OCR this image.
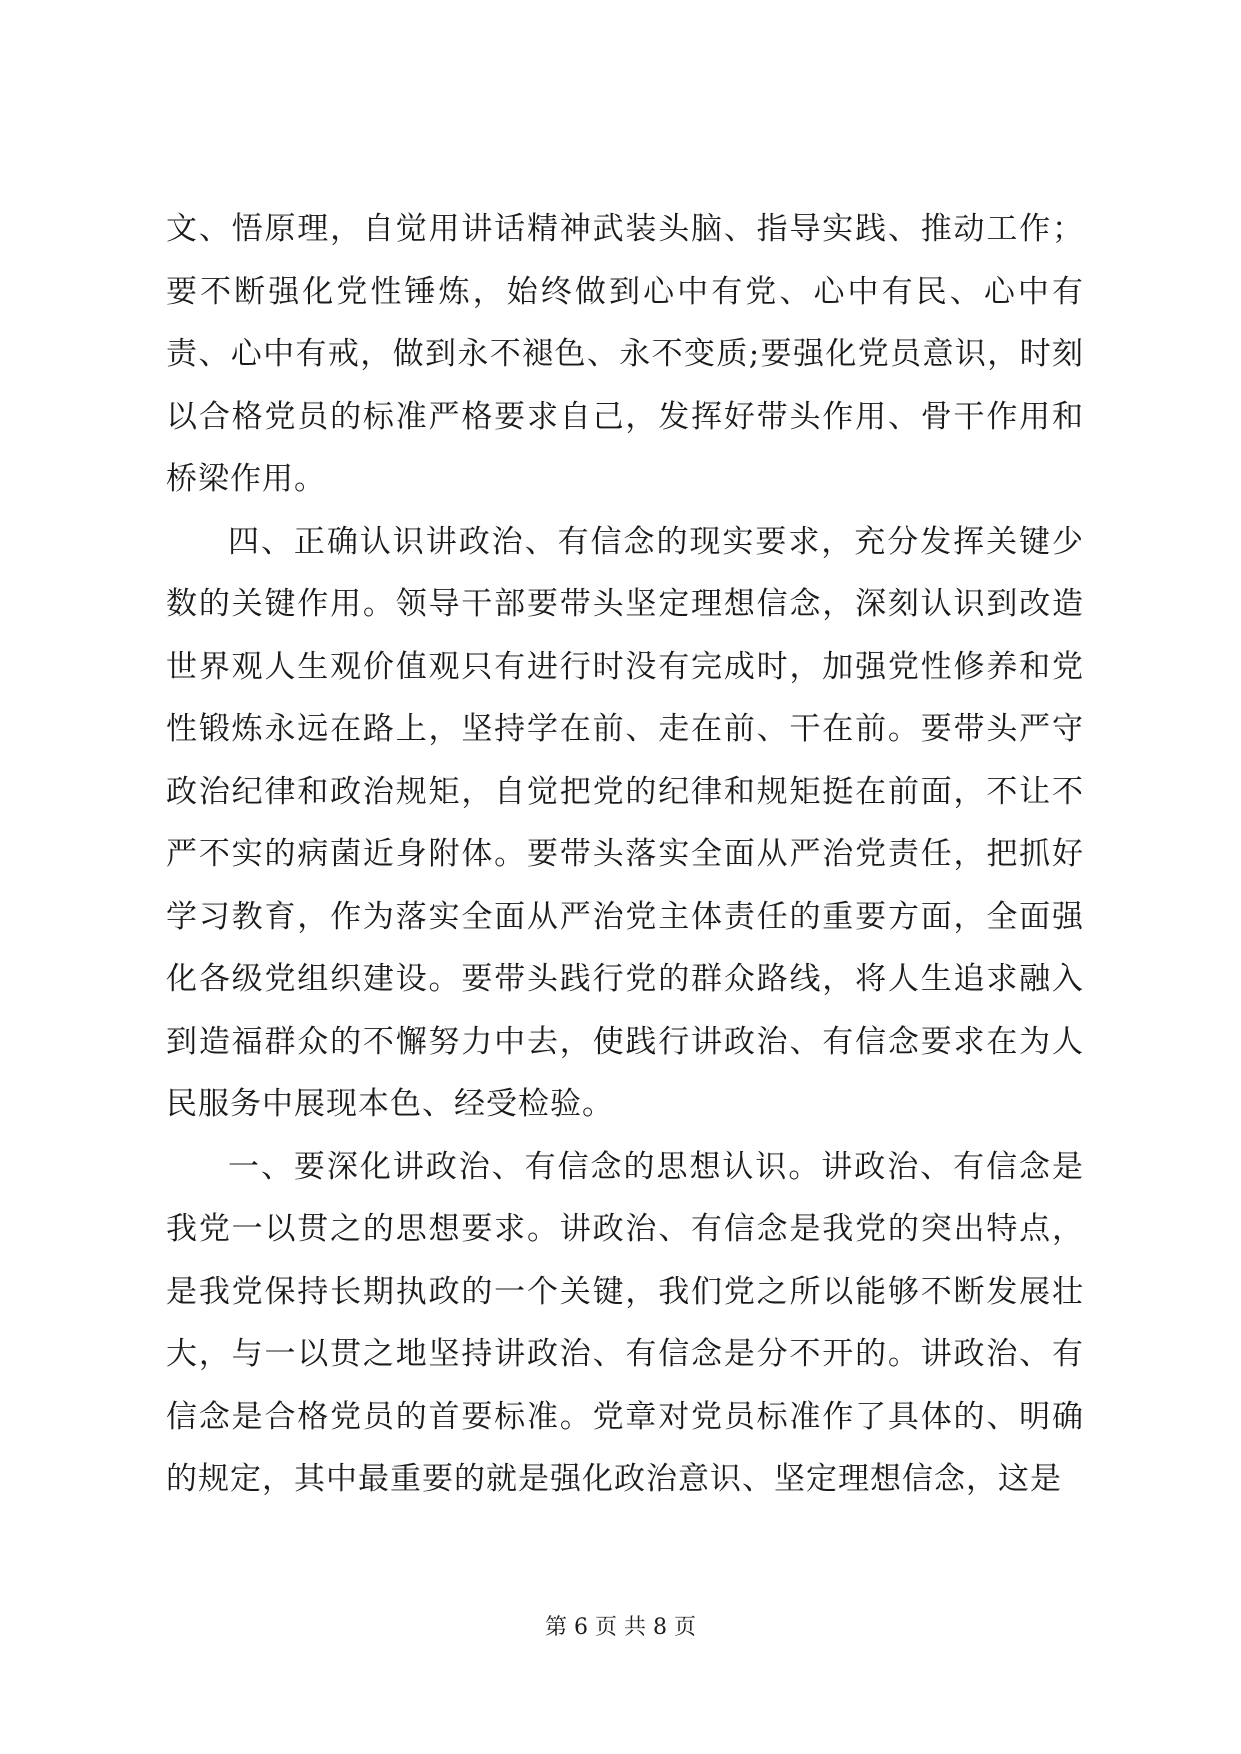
文、悟原理，自觉用讲话精神武装头脑、指导实践、推动工作；要不断强化党性锤炼，始终做到心中有党、心中有民、心中有责、心中有戒，做到永不褪色、永不变质;要强化党员意识，时刻以合格党员的标准严格要求自己，发挥好带头作用、骨干作用和桥梁作用。

四、正确认识讲政治、有信念的现实要求，充分发挥关键少数的关键作用。领导干部要带头坚定理想信念，深刻认识到改造世界观人生观价值观只有进行时没有完成时，加强党性修养和党性锻炼永远在路上，坚持学在前、走在前、干在前。要带头严守政治纪律和政治规矩，自觉把党的纪律和规矩挺在前面，不让不严不实的病菌近身附体。要带头落实全面从严治党责任，把抓好学习教育，作为落实全面从严治党主体责任的重要方面，全面强化各级党组织建设。要带头践行党的群众路线，将人生追求融入到造福群众的不懈努力中去，使践行讲政治、有信念要求在为人民服务中展现本色、经受检验。

一、要深化讲政治、有信念的思想认识。讲政治、有信念是我党一以贯之的思想要求。讲政治、有信念是我党的突出特点，是我党保持长期执政的一个关键，我们党之所以能够不断发展壮大，与一以贯之地坚持讲政治、有信念是分不开的。讲政治、有信念是合格党员的首要标准。党章对党员标准作了具体的、明确的规定，其中最重要的就是强化政治意识、坚定理想信念，这是

第 6 页 共 8 页
